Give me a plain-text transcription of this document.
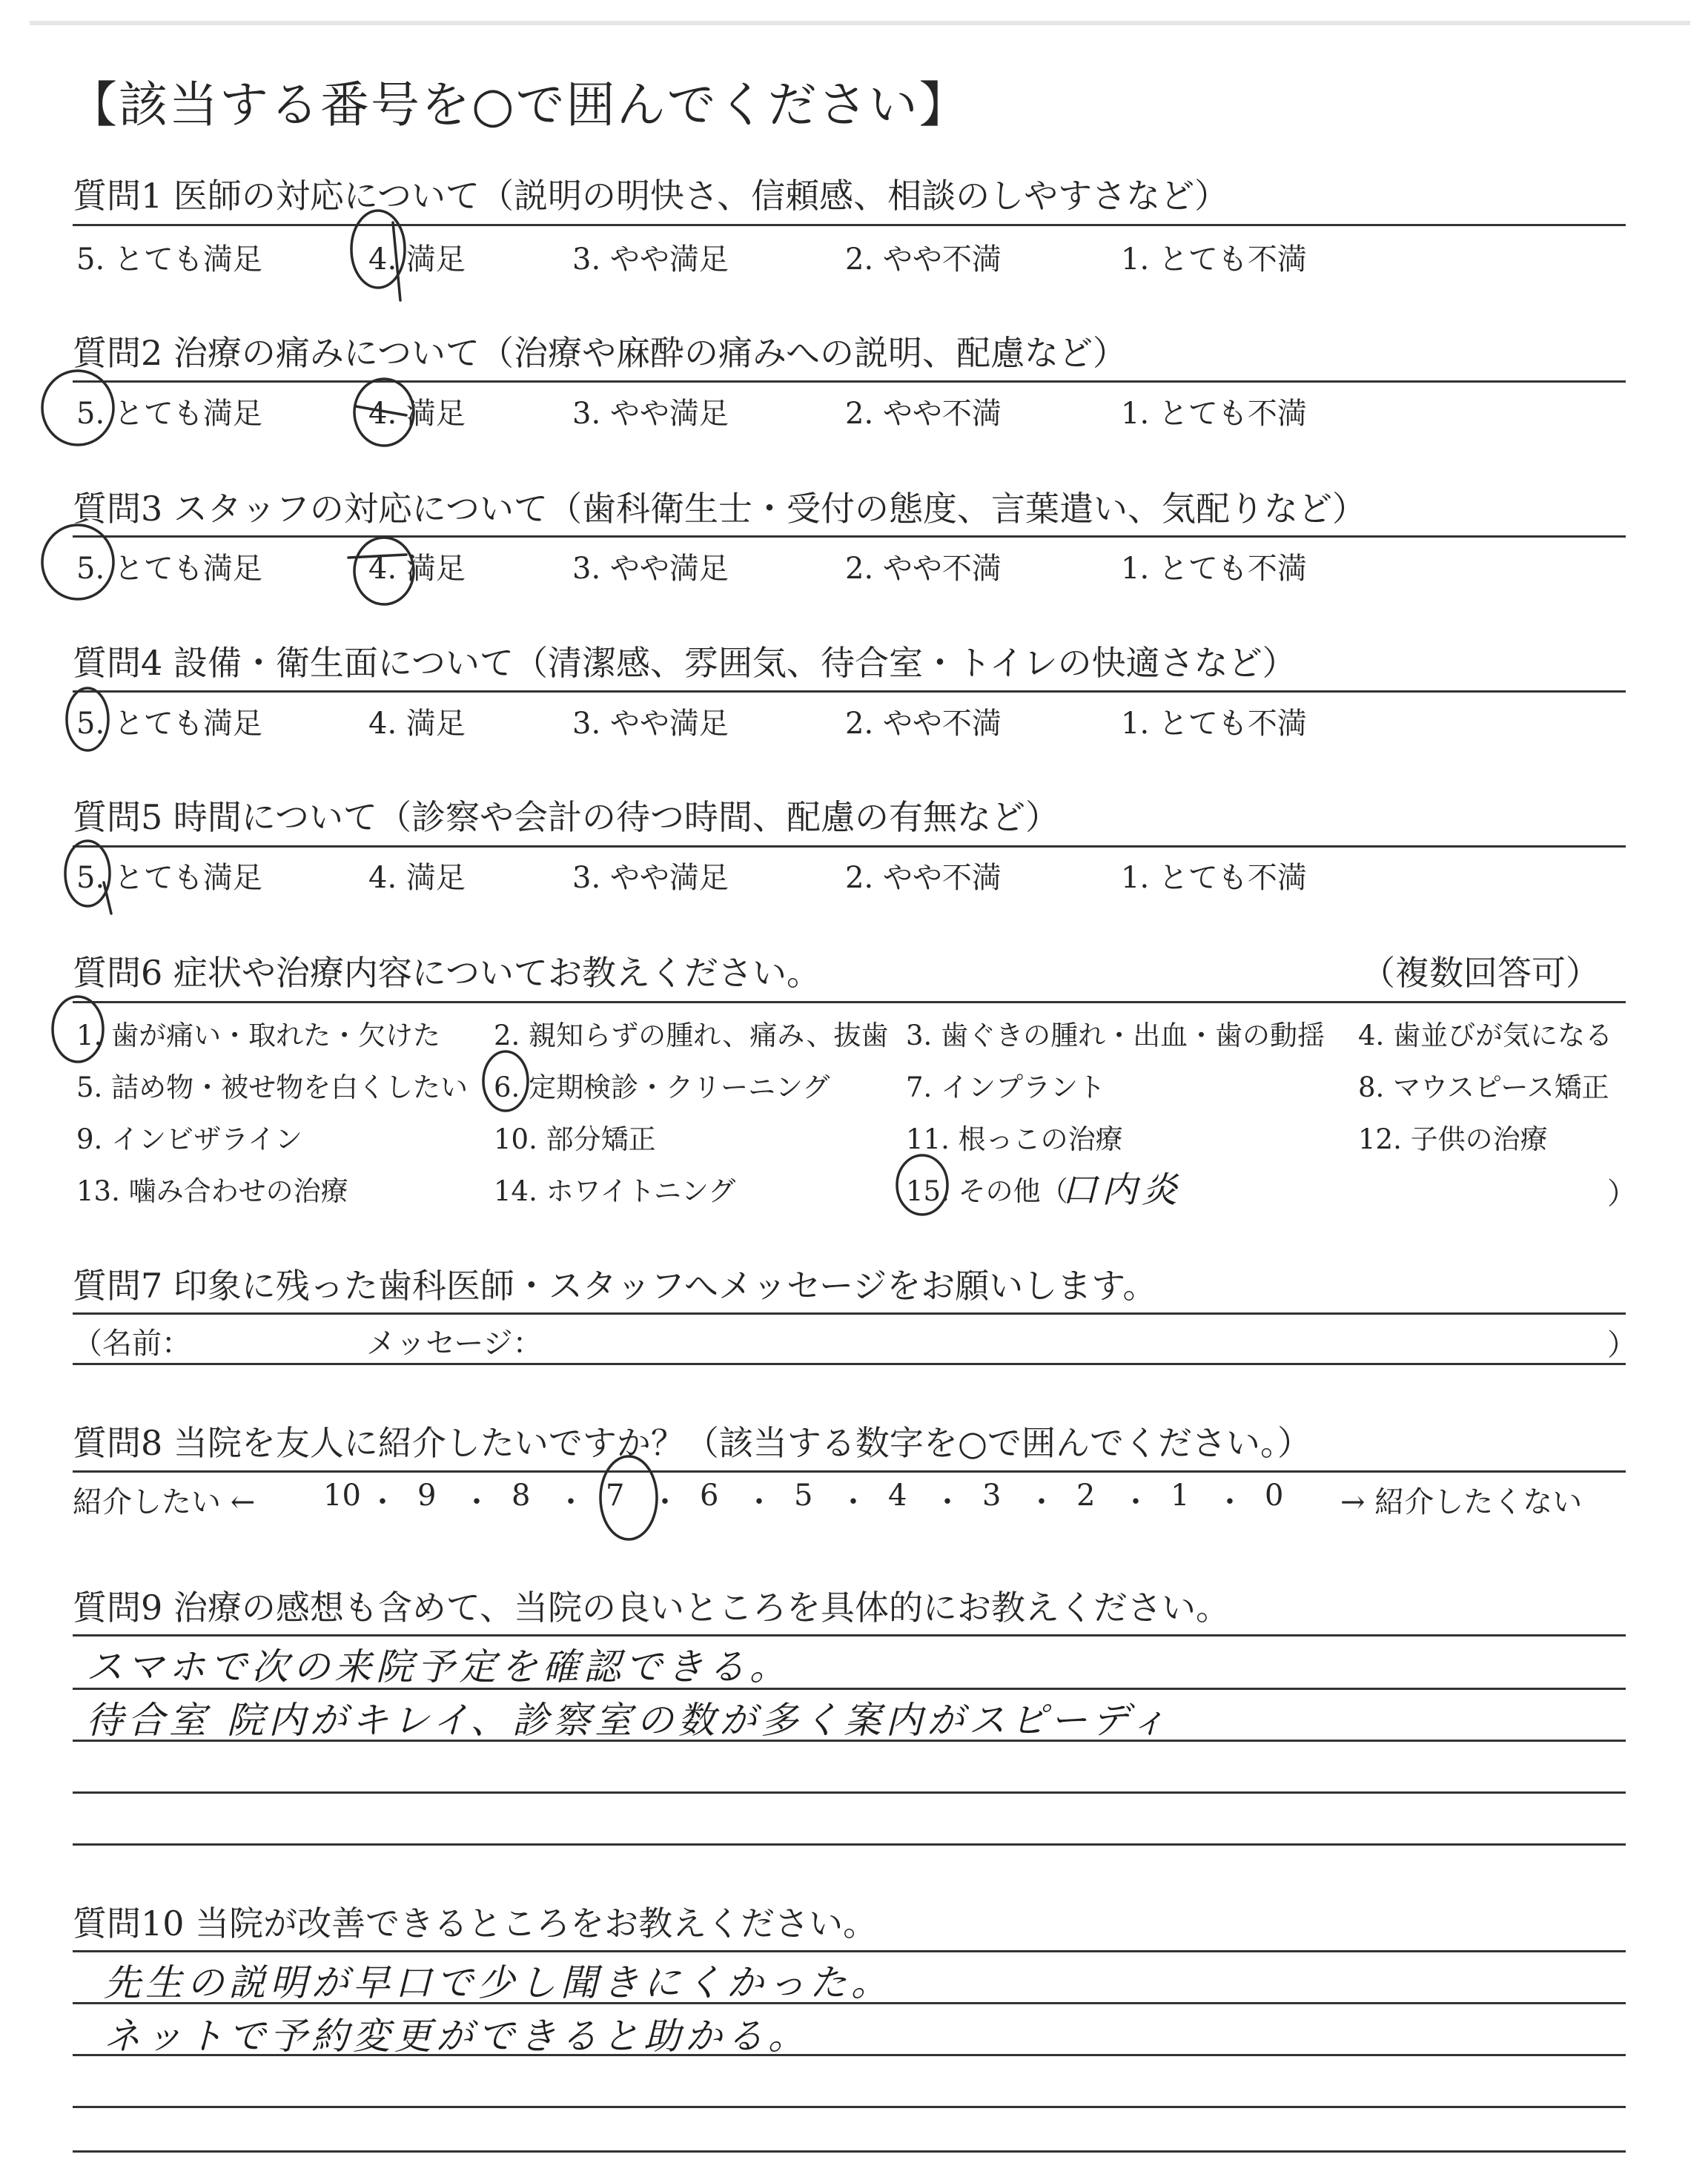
【該当する番号を○で囲んでください】
質問1 医師の対応について（説明の明快さ、信頼感、相談のしやすさなど）
5. とても満足	4. 満足	3. やや満足	2. やや不満	1. とても不満
質問2 治療の痛みについて（治療や麻酔の痛みへの説明、配慮など）
5. とても満足	4. 満足	3. やや満足	2. やや不満	1. とても不満
質問3 スタッフの対応について（歯科衛生士・受付の態度、言葉遣い、気配りなど）
5. とても満足	4. 満足	3. やや満足	2. やや不満	1. とても不満
質問4 設備・衛生面について（清潔感、雰囲気、待合室・トイレの快適さなど）
5. とても満足	4. 満足	3. やや満足	2. やや不満	1. とても不満
質問5 時間について（診察や会計の待つ時間、配慮の有無など）
5. とても満足	4. 満足	3. やや満足	2. やや不満	1. とても不満
質問6 症状や治療内容についてお教えください。	（複数回答可）
1. 歯が痛い・取れた・欠けた 2. 親知らずの腫れ、痛み、抜歯 3. 歯ぐきの腫れ・出血・歯の動揺 4. 歯並びが気になる
5. 詰め物・被せ物を白くしたい 6. 定期検診・クリーニング	7. インプラント	8. マウスピース矯正
9. インビザライン	10. 部分矯正	11. 根っこの治療	12. 子供の治療
13. 噛み合わせの治療	14. ホワイトニング	15. その他（
口内炎	）
質問7 印象に残った歯科医師・スタッフへメッセージをお願いします。
（名前：	メッセージ：	）
質問8 当院を友人に紹介したいですか？（該当する数字を○で囲んでください。）
紹介したい ←	→ 紹介したくない
10 ・ 9 ・ 8 ・ 7 ・ 6 ・ 5 ・ 4 ・ 3 ・ 2 ・ 1 ・ 0
質問9 治療の感想も含めて、当院の良いところを具体的にお教えください。
スマホで次の来院予定を確認できる。
待合室 院内がキレイ、診察室の数が多く案内がスピーディ
質問10 当院が改善できるところをお教えください。
先生の説明が早口で少し聞きにくかった。
ネットで予約変更ができると助かる。
